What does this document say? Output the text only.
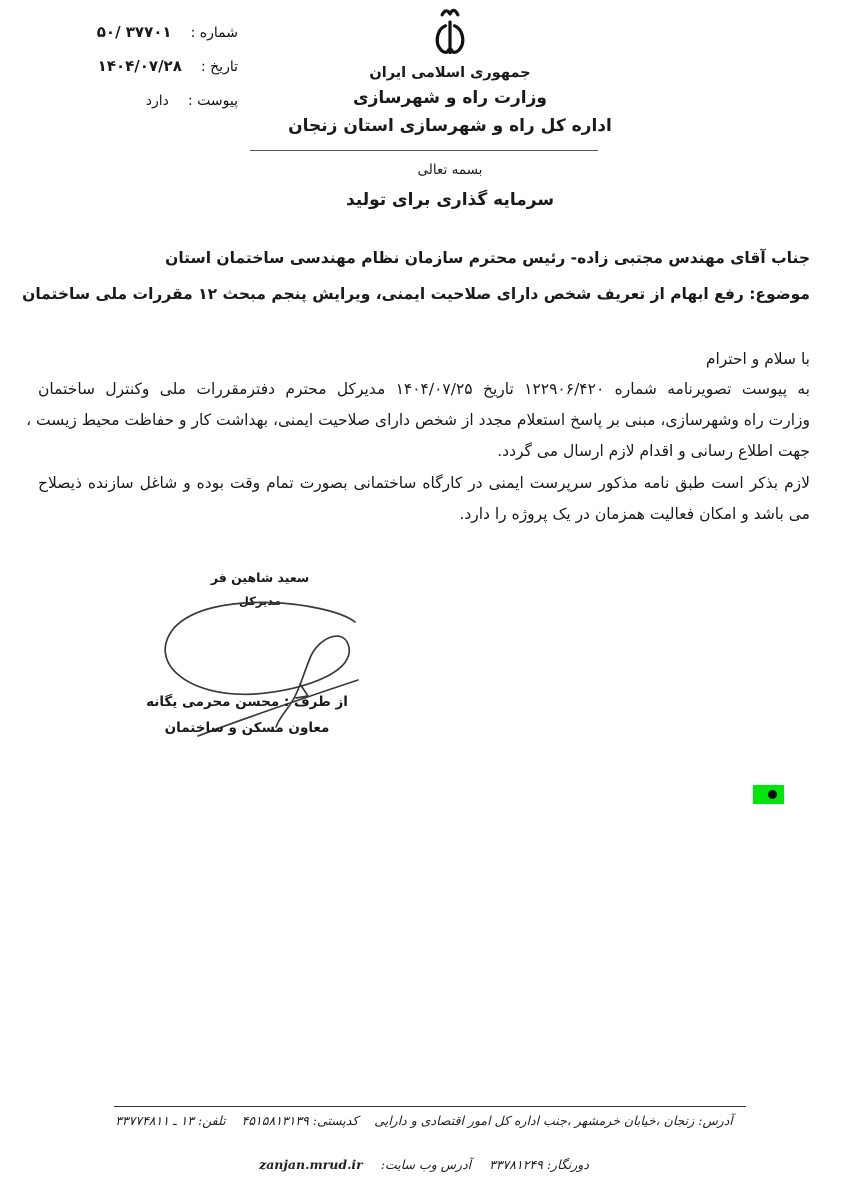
شماره : ۳۷۷۰۱ /۵۰
تاریخ : ۱۴۰۴/۰۷/۲۸
پیوست : دارد
جمهوری اسلامی ایران
وزارت راه و شهرسازی
اداره کل راه و شهرسازی استان زنجان
بسمه تعالی
سرمایه گذاری برای تولید
جناب آقای مهندس مجتبی زاده- رئیس محترم سازمان نظام مهندسی ساختمان استان
موضوع: رفع ابهام از تعریف شخص دارای صلاحیت ایمنی، ویرایش پنجم مبحث ۱۲ مقررات ملی ساختمان
با سلام و احترام
به پیوست تصویرنامه شماره ۱۲۲۹۰۶/۴۲۰ تاریخ ۱۴۰۴/۰۷/۲۵ مدیرکل محترم دفترمقررات ملی وکنترل ساختمان
وزارت راه وشهرسازی، مبنی بر پاسخ استعلام مجدد از شخص دارای صلاحیت ایمنی، بهداشت کار و حفاظت محیط زیست ،
جهت اطلاع رسانی و اقدام لازم ارسال می گردد.
لازم بذکر است طبق نامه مذکور سرپرست ایمنی در کارگاه ساختمانی بصورت تمام وقت بوده و شاغل سازنده ذیصلاح
می باشد و امکان فعالیت همزمان در یک پروژه را دارد.
سعید شاهین فر
مدیرکل
از طرف : محسن محرمی یگانه
معاون مسکن و ساختمان
آدرس: زنجان ،خیابان خرمشهر ،جنب اداره کل امور اقتصادی و دارایی
کدپستی: ۴۵۱۵۸۱۳۱۳۹
تلفن: ۱۳ ـ ۳۳۷۷۴۸۱۱
دورنگار: ۳۳۷۸۱۲۴۹
آدرس وب سایت:
zanjan.mrud.ir
